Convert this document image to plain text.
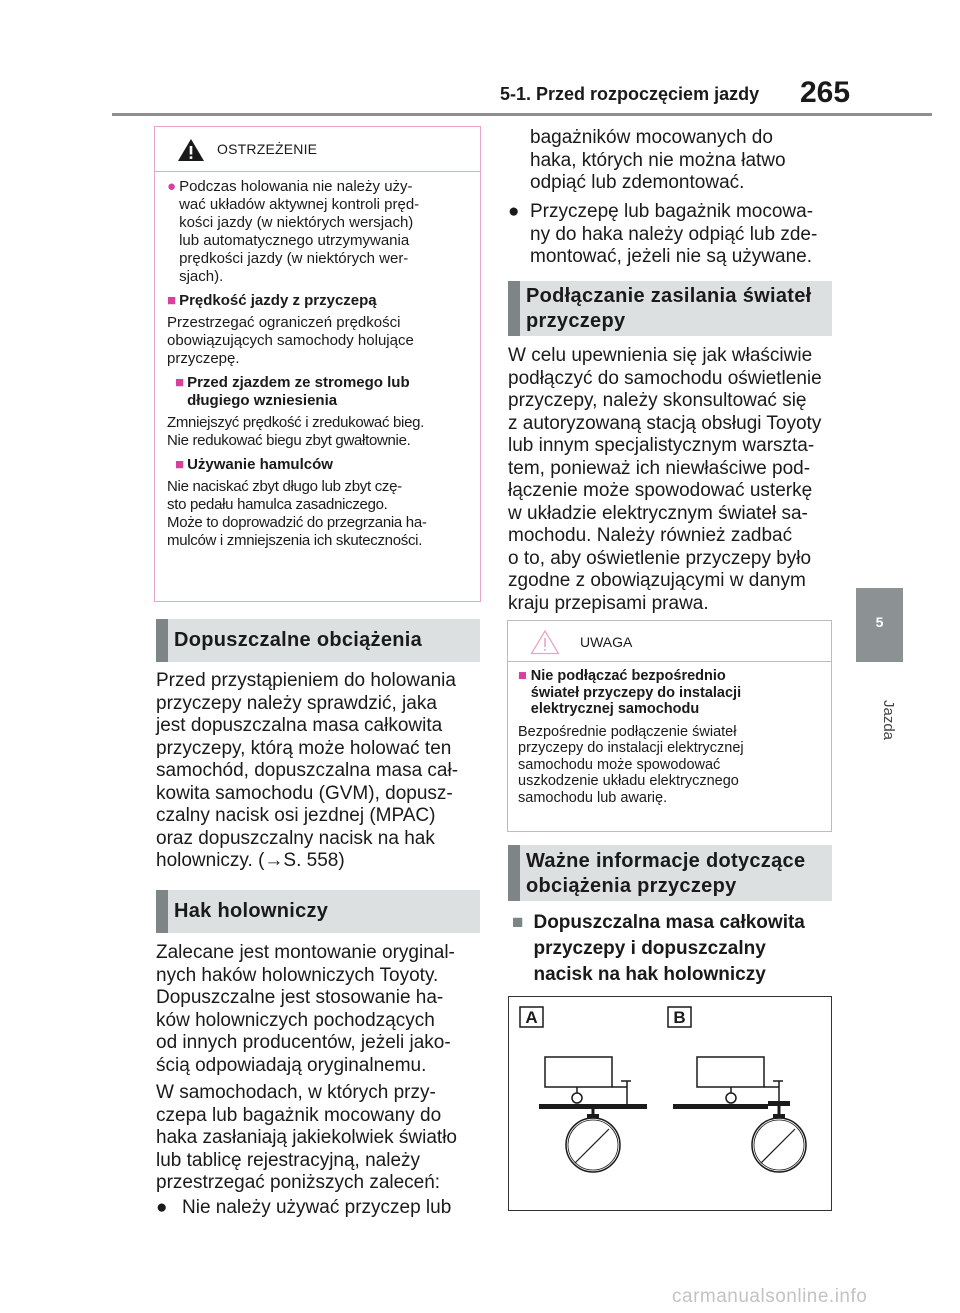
5-1. Przed rozpoczęciem jazdy 265
5
Jazda
OSTRZEŻENIE
● Podczas holowania nie należy uży-

wać układów aktywnej kontroli pręd-

kości jazdy (w niektórych wersjach)

lub automatycznego utrzymywania

prędkości jazdy (w niektórych wer-

sjach).

■ Prędkość jazdy z przyczepą

Przestrzegać ograniczeń prędkości

obowiązujących samochody holujące

przyczepę.

■ Przed zjazdem ze stromego lub

długiego wzniesienia

Zmniejszyć prędkość i zredukować bieg.

Nie redukować biegu zbyt gwałtownie.

■ Używanie hamulców

Nie naciskać zbyt długo lub zbyt czę-

sto pedału hamulca zasadniczego.

Może to doprowadzić do przegrzania ha-

mulców i zmniejszenia ich skuteczności.

Dopuszczalne obciążenia
Przed przystąpieniem do holowania
przyczepy należy sprawdzić, jaka
jest dopuszczalna masa całkowita
przyczepy, którą może holować ten
samochód, dopuszczalna masa cał-
kowita samochodu (GVM), dopusz-
czalny nacisk osi jezdnej (MPAC)
oraz dopuszczalny nacisk na hak
holowniczy. (→S. 558)
Hak holowniczy
Zalecane jest montowanie oryginal-
nych haków holowniczych Toyoty.
Dopuszczalne jest stosowanie ha-
ków holowniczych pochodzących
od innych producentów, jeżeli jako-
ścią odpowiadają oryginalnemu.
W samochodach, w których przy-
czepa lub bagażnik mocowany do
haka zasłaniają jakiekolwiek światło
lub tablicę rejestracyjną, należy
przestrzegać poniższych zaleceń:
● Nie należy używać przyczep lub
bagażników mocowanych do
haka, których nie można łatwo
odpiąć lub zdemontować.
● Przyczepę lub bagażnik mocowa-
ny do haka należy odpiąć lub zde-
montować, jeżeli nie są używane.
Podłączanie zasilania świateł
przyczepy
W celu upewnienia się jak właściwie
podłączyć do samochodu oświetlenie
przyczepy, należy skonsultować się
z autoryzowaną stacją obsługi Toyoty
lub innym specjalistycznym warszta-
tem, ponieważ ich niewłaściwe pod-
łączenie może spowodować usterkę
w układzie elektrycznym świateł sa-
mochodu. Należy również zadbać
o to, aby oświetlenie przyczepy było
zgodne z obowiązującymi w danym
kraju przepisami prawa.
UWAGA
■ Nie podłączać bezpośrednio
świateł przyczepy do instalacji
elektrycznej samochodu
Bezpośrednie podłączenie świateł
przyczepy do instalacji elektrycznej
samochodu może spowodować
uszkodzenie układu elektrycznego
samochodu lub awarię.
Ważne informacje dotyczące
obciążenia przyczepy
■ Dopuszczalna masa całkowita
przyczepy i dopuszczalny
nacisk na hak holowniczy
A	B
carmanualsonline.info
